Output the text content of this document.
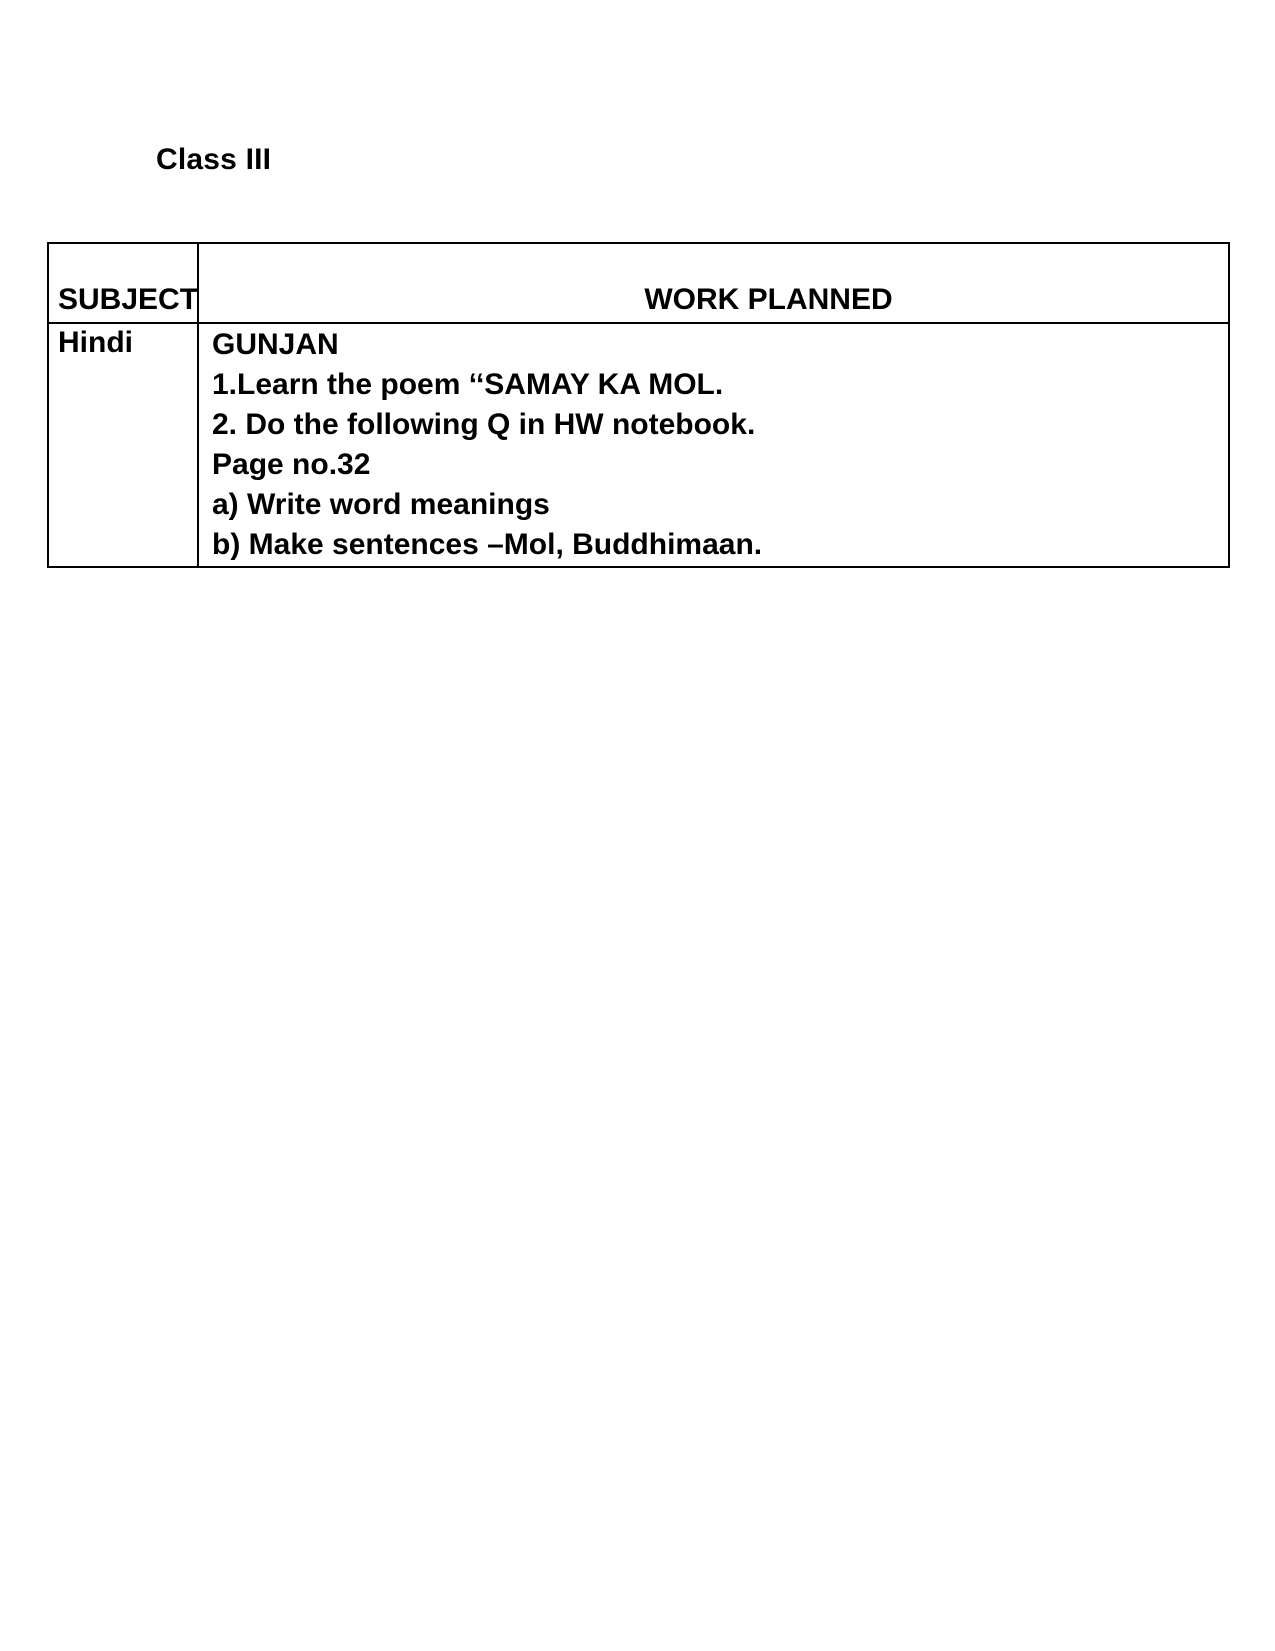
Class III
SUBJECT	WORK PLANNED
Hindi	GUNJAN
1.Learn the poem ‘‘SAMAY KA MOL.
2. Do the following Q in HW notebook.
Page no.32
a) Write word meanings
b) Make sentences –Mol, Buddhimaan.
